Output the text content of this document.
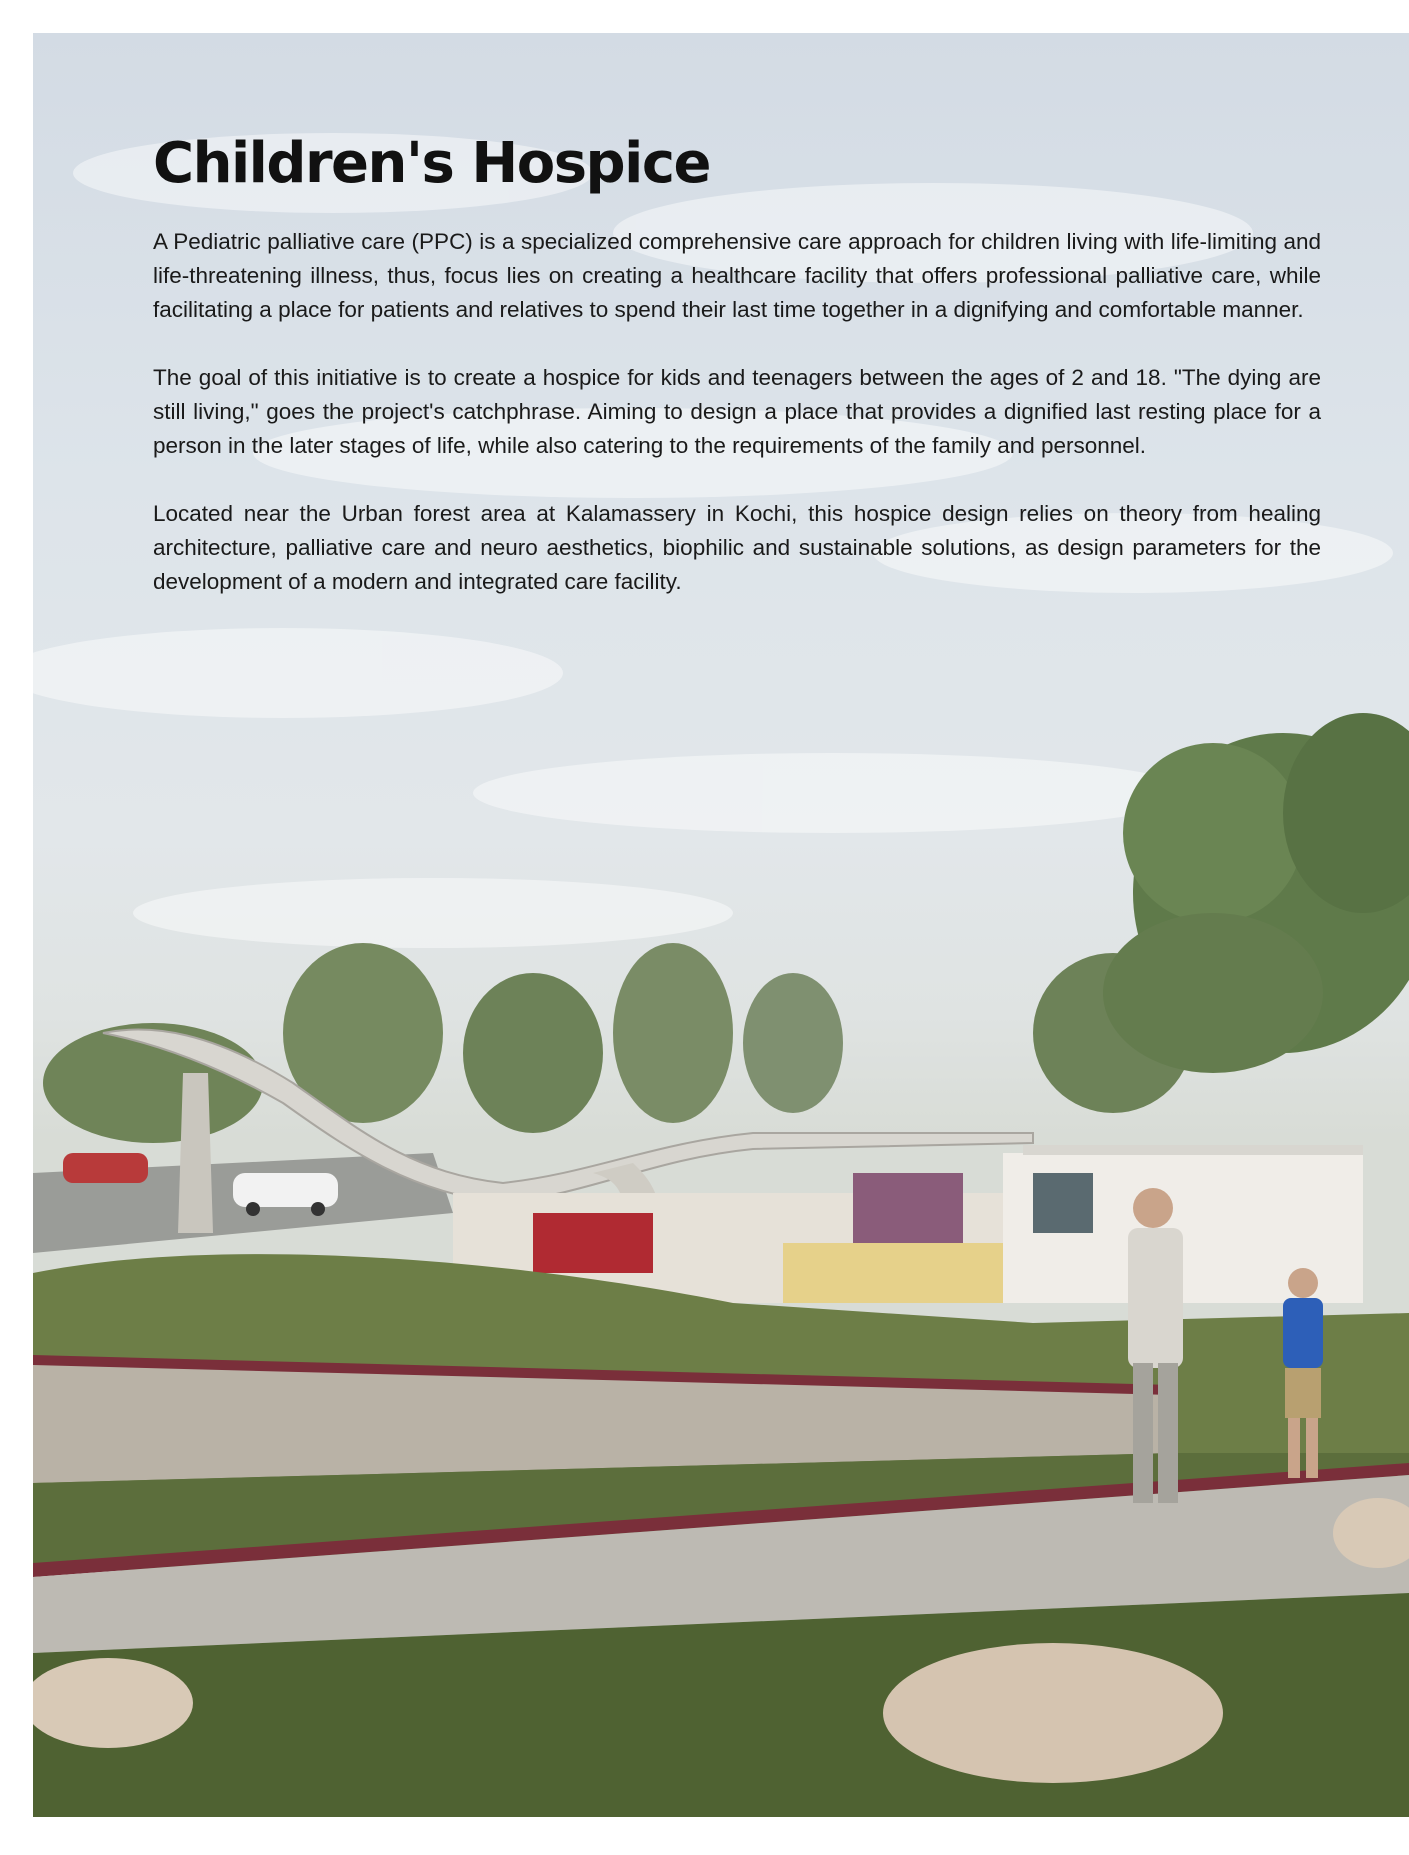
Children's Hospice

A Pediatric palliative care (PPC) is a specialized comprehensive care approach for children living with life-limiting and life-threatening illness, thus, focus lies on creating a healthcare facility that offers professional palliative care, while facilitating a place for patients and relatives to spend their last time together in a dignifying and comfortable manner.

The goal of this initiative is to create a hospice for kids and teenagers between the ages of 2 and 18. "The dying are still living," goes the project's catchphrase. Aiming to design a place that provides a dignified last resting place for a person in the later stages of life, while also catering to the requirements of the family and personnel.

Located near the Urban forest area at Kalamassery in Kochi, this hospice design relies on theory from healing architecture, palliative care and neuro aesthetics, biophilic and sustainable solutions, as design parameters for the development of a modern and integrated care facility.
